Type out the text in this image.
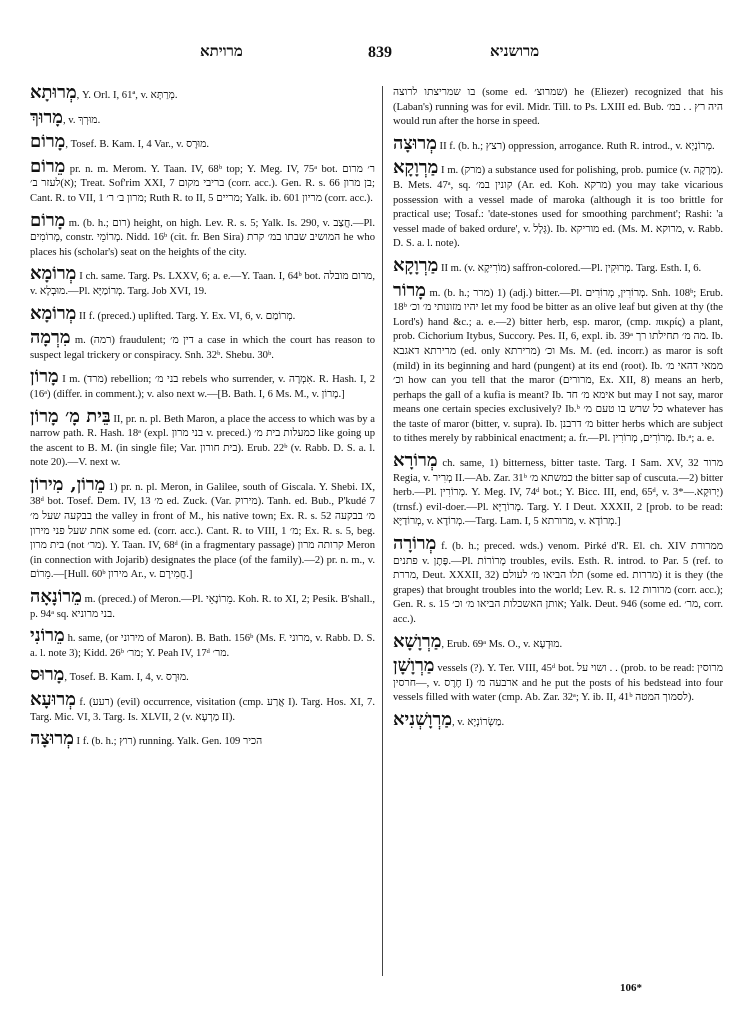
מרויתא	839	מרושניא

מְרוּתָא, Y. Orl. I, 61ª, v. מְרַתָּא.

מָרוּךְ, v. מוּרְךְ.

מָרוֹם, Tosef. B. Kam. I, 4 Var., v. מוּרָס.

מֵרוֹם pr. n. m. Merom. Y. Taan. IV, 68ᵇ top; Y. Meg. IV, 75ᵃ bot. ר׳ מרום (א)לעזר ב׳; Treat. Sof'rim XXI, 7 בריבי מקום (corr. acc.). Gen. R. s. 66 בן מרון; Cant. R. to VII, 1 מרון ב׳ ר׳; Ruth R. to II, 5 מריים; Yalk. ib. 601 מריון (corr. acc.).

מָרוֹם m. (b. h.; רום) height, on high. Lev. R. s. 5; Yalk. Is. 290, v. חֲצַב.—Pl. מְרוֹמִים, constr. מְרוֹמֵי. Nidd. 16ᵇ (cit. fr. Ben Sira) המושיב שבתו במ׳ קרת he who places his (scholar's) seat on the heights of the city.

מְרוֹמָא I ch. same. Targ. Ps. LXXV, 6; a. e.—Y. Taan. I, 64ᵇ bot. מרום מובלה, v. מוּבְלָא.—Pl. מְרוֹמַיָּא. Targ. Job XVI, 19.

מְרוֹמָא II f. (preced.) uplifted. Targ. Y. Ex. VI, 6, v. מְרוֹמַם.

מִרְמָה m. (רמה) fraudulent; דין מ׳ a case in which the court has reason to suspect legal trickery or conspiracy. Snh. 32ᵇ. Shebu. 30ᵇ.

מָרוֹן I m. (מרד) rebellion; בני מ׳ rebels who surrender, v. אִמְרָה. R. Hash. I, 2 (16ᵃ) (differ. in comment.); v. also next w.—[B. Bath. I, 6 Ms. M., v. מָרוֹן.]

בֵּית מָ׳ מָרוֹן II, pr. n. pl. Beth Maron, a place the access to which was by a narrow path. R. Hash. 18ᵃ (expl. בני מרון v. preced.) כמעלות בית מ׳ like going up the ascent to B. M. (in single file; Var. בית חורון). Erub. 22ᵇ (v. Rabb. D. S. a. l. note 20).—V. next w.

מֵרוֹן, מִירוֹן 1) pr. n. pl. Meron, in Galilee, south of Giscala. Y. Shebi. IX, 38ᵈ bot. Tosef. Dem. IV, 13 מ׳ ed. Zuck. (Var. מירוק). Tanh. ed. Bub., P'kudé 7 בבקעה שעל מ׳ the valley in front of M., his native town; Ex. R. s. 52 מ׳ בבקעה אחת שעל פני מירון some ed. (corr. acc.). Cant. R. to VIII, 1 מ׳; Ex. R. s. 5, beg. בית מרון (not מר׳). Y. Taan. IV, 68ᵈ (in a fragmentary passage) קרותה מרון Meron (in connection with Jojarib) designates the place (of the family).—2) pr. n. m., v. מֵרוֹם.—[Hull. 60ᵇ מירון Ar., v. חֲמִירָם.]

מֵרוֹנָאָה m. (preced.) of Meron.—Pl. מֵרוֹנָאֵי. Koh. R. to XI, 2; Pesik. B'shall., p. 94ᵃ sq. בני מרוניא.

מֵרוֹנִי h. same, (or מירוני of Maron). B. Bath. 156ᵇ (Ms. F. מרוני, v. Rabb. D. S. a. l. note 3); Kidd. 26ᵇ מר׳; Y. Peah IV, 17ᵈ מר׳.

מָרוּס, Tosef. B. Kam. I, 4, v. מוּרָס.

מְרוּעָא f. (רעע) (evil) occurrence, visitation (cmp. אֲרַע I). Targ. Hos. XI, 7. Targ. Mic. VI, 3. Targ. Is. XLVII, 2 (v. מַרְעָא II).

מְרוּצָה I f. (b. h.; רוץ) running. Yalk. Gen. 109 הכיר

בו שמריצתו לרוצה (some ed. שמרוצ׳) he (Eliezer) recognized that his (Laban's) running was for evil. Midr. Till. to Ps. LXIII ed. Bub. היה רץ . . במ׳ would run after the horse in speed.

מְרוּצָה II f. (b. h.; רצץ) oppression, arrogance. Ruth R. introd., v. מְרוֹנְיָא.

מַרְוָקָא I m. (מרק) a substance used for polishing, prob. pumice (v. מַרְקָה). B. Mets. 47ᵃ, sq. קונין במ׳ (Ar. ed. Koh. מרקא) you may take vicarious possession with a vessel made of maroka (although it is too brittle for practical use; Tosaf.: 'date-stones used for smoothing parchment'; Rashi: 'a vessel made of baked ordure', v. גְּלָל). Ib. מוריקא ed. (Ms. M. מרוקא, v. Rabb. D. S. a. l. note).

מַרְוָקָא II m. (v. מוֹרִיקָא) saffron-colored.—Pl. מְרוּקִין. Targ. Esth. I, 6.

מָרוֹר m. (b. h.; מרר) 1) (adj.) bitter.—Pl. מְרוֹרִין, מְרוֹרִים. Snh. 108ᵇ; Erub. 18ᵇ יהיו מזונותי מ׳ וכ׳ let my food be bitter as an olive leaf but given at thy (the Lord's) hand &c.; a. e.—2) bitter herb, esp. maror, (cmp. πικρίς) a plant, prob. Cichorium Itybus, Succory. Pes. II, 6, expl. ib. 39ᵃ מה מ׳ תחילתו רך. Ib. מרירתא דאגבא (ed. only מרירתא) וכ׳ Ms. M. (ed. incorr.) as maror is soft (mild) in its beginning and hard (pungent) at its end (root). Ib. ממאי דהאי מ׳ וכ׳ how can you tell that the maror (מרורים, Ex. XII, 8) means an herb, perhaps the gall of a kufia is meant? Ib. אימא מ׳ חד but may I not say, maror means one certain species exclusively? Ib.ᵇ כל שרש בו טעם מ׳ whatever has the taste of maror (bitter, v. supra). Ib. מ׳ דרבנן bitter herbs which are subject to tithes merely by rabbinical enactment; a. fr.—Pl. מְרוֹרִים, מְרוֹרִין. Ib.ᵃ; a. e.

מְרוֹרָא ch. same, 1) bitterness, bitter taste. Targ. I Sam. XV, 32 מרור Regia, v. מְרִיר II.—Ab. Zar. 31ᵇ כמשתא מ׳ the bitter sap of cuscuta.—2) bitter herb.—Pl. מְרוֹרִין. Y. Meg. IV, 74ᵈ bot.; Y. Bicc. III, end, 65ᵈ, v. יְרוּקָא.—*3) (trnsf.) evil-doer.—Pl. מְרוֹרַיָּא. Targ. Y. I Deut. XXXII, 2 [prob. to be read: מְרוֹדַיָּא, v. מְרוֹדָא.—Targ. Lam. I, 5 מרורתא, v. מְרוֹדָא.]

מְרוֹרָה f. (b. h.; preced. wds.) venom. Pirké d'R. El. ch. XIV ממרורת פתנים v. פֶּתֶן.—Pl. מְרוֹרוֹת troubles, evils. Esth. R. introd. to Par. 5 (ref. to מררת, Deut. XXXII, 32) תלו הביאו מ׳ לעולם (some ed. מררות) it is they (the grapes) that brought troubles into the world; Lev. R. s. 12 מרורות (corr. acc.); Gen. R. s. 15 אותן האשכלות הביאו מ׳ וכ׳; Yalk. Deut. 946 (some ed. מר׳, corr. acc.).

מַרְוָשָׁא, Erub. 69ᵃ Ms. O., v. מוּדְעָא.

מַרְוָשָׁן vessels (?). Y. Ter. VIII, 45ᵈ bot. ושוי על . . (prob. to be read: מרוסין—חרסין, v. חֶרֶס I) ארבעה מ׳ and he put the posts of his bedstead into four vessels filled with water (cmp. Ab. Zar. 32ᵃ; Y. ib. II, 41ᵇ לסמוך המטה).

מַרְוָשְׁנִיא, v. מַשְׂרוֹנְיָא.

106*
